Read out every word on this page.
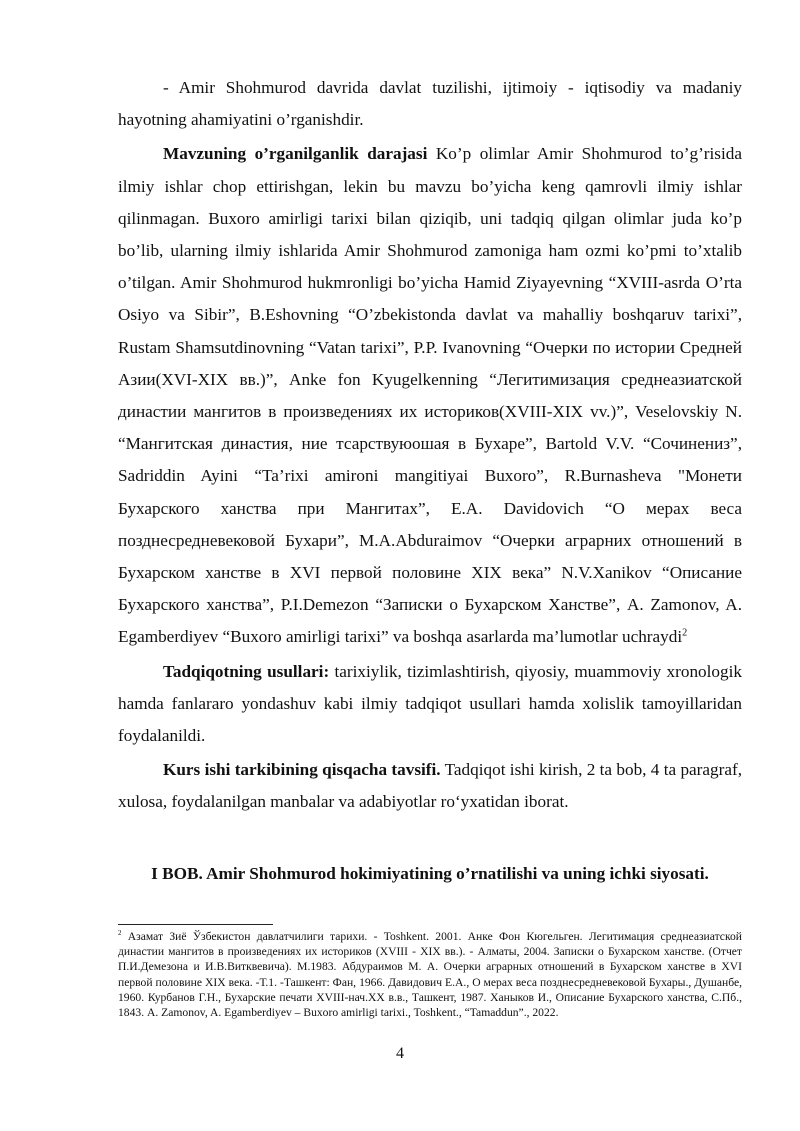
- Amir Shohmurod davrida davlat tuzilishi, ijtimoiy - iqtisodiy va madaniy hayotning ahamiyatini o’rganishdir.

Mavzuning o’rganilganlik darajasi Ko’p olimlar Amir Shohmurod to’g’risida ilmiy ishlar chop ettirishgan, lekin bu mavzu bo’yicha keng qamrovli ilmiy ishlar qilinmagan. Buxoro amirligi tarixi bilan qiziqib, uni tadqiq qilgan olimlar juda ko’p bo’lib, ularning ilmiy ishlarida Amir Shohmurod zamoniga ham ozmi ko’pmi to’xtalib o’tilgan. Amir Shohmurod hukmronligi bo’yicha Hamid Ziyayevning “XVIII-asrda O’rta Osiyo va Sibir”, B.Eshovning “O’zbekistonda davlat va mahalliy boshqaruv tarixi”, Rustam Shamsutdinovning “Vatan tarixi”, P.P. Ivanovning “Очерки по истории Средней Азии(XVI-XIX вв.)”, Anke fon Kyugelkenning “Легитимизация среднеазиатской династии мангитов в произведениях их историков(XVIII-XIX vv.)”, Veselovskiy N. “Мангитская династия, ниe тсарствуюошая в Бухаре”, Bartold V.V. “Сочинениз”, Sadriddin Ayini “Ta’rixi amironi mangitiyai Buxoro”, R.Burnasheva "Монети Бухарского ханства при Мангитах”, E.A. Davidovich “О мерах веса позднесредневековой Бухари”, M.A.Abduraimov “Очерки аграрних отношений в Бухарском ханстве в XVI первой половине XIX века” N.V.Xanikov “Описание Бухарского ханства”, P.I.Demezon “Записки о Бухарском Ханстве”, A. Zamonov, A. Egamberdiyev “Buxoro amirligi tarixi” va boshqa asarlarda ma’lumotlar uchraydi$^2$

Tadqiqotning usullari: tarixiylik, tizimlashtirish, qiyosiy, muammoviy xronologik hamda fanlararo yondashuv kabi ilmiy tadqiqot usullari hamda xolislik tamoyillaridan foydalanildi.

Kurs ishi tarkibining qisqacha tavsifi. Tadqiqot ishi kirish, 2 ta bob, 4 ta paragraf, xulosa, foydalanilgan manbalar va adabiyotlar ro‘yxatidan iborat.

I BOB. Amir Shohmurod hokimiyatining o’rnatilishi va uning ichki siyosati.

$^2$ Азамат Зиё Ўзбекистон давлатчилиги тарихи. - Toshkent. 2001. Анке Фон Кюгельген. Легитимация среднеазиатской династии мангитов в произведениях их историков (XVIII - XIX вв.). - Алматы, 2004. Записки о Бухарском ханстве. (Отчет П.И.Демезона и И.В.Витквевича). М.1983. Абдураимов М. А. Очерки аграрных отношений в Бухарском ханстве в XVI первой половине XIX века. -Т.1. -Ташкент: Фан, 1966. Давидович Е.А., О мерах веса позднесредневековой Бухары., Душанбе, 1960. Курбанов Г.Н., Бухарские печати XVIII-нач.XX в.в., Ташкент, 1987. Ханыков И., Описание Бухарского ханства, С.Пб., 1843. A. Zamonov, A. Egamberdiyev – Buxoro amirligi tarixi., Toshkent., “Tamaddun”., 2022.

4
